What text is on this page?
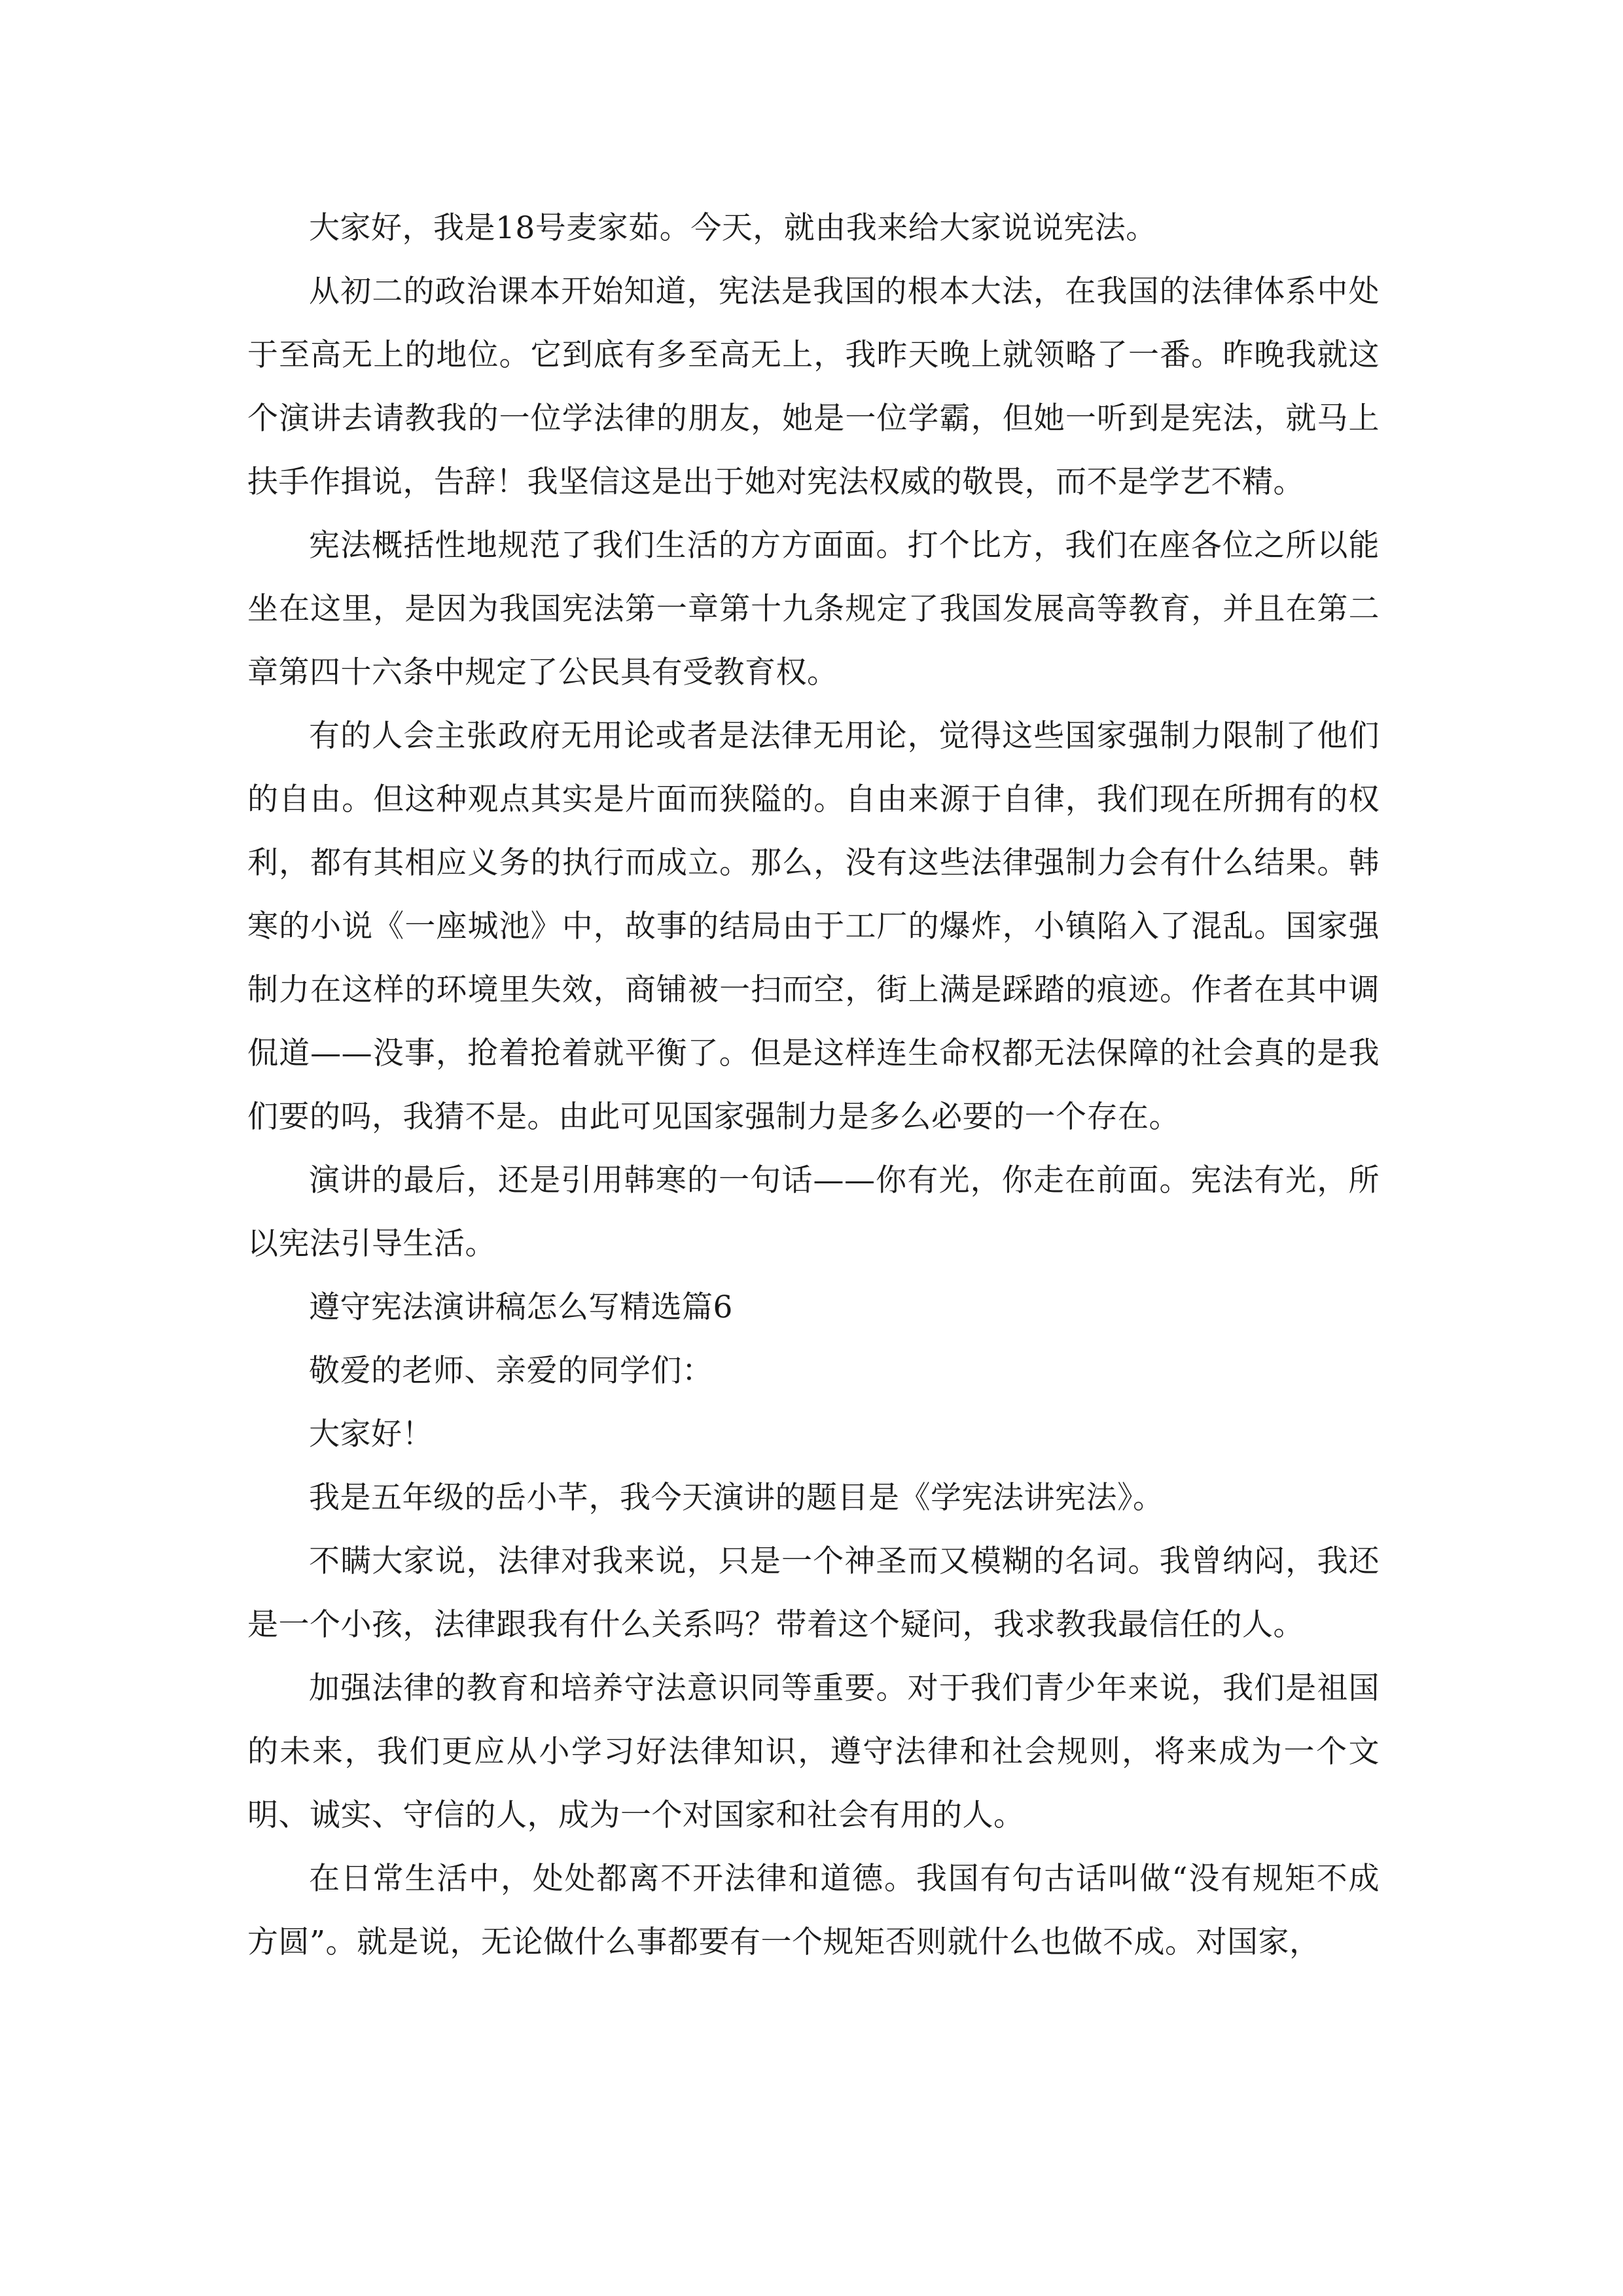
大家好，我是18号麦家茹。今天，就由我来给大家说说宪法。

从初二的政治课本开始知道，宪法是我国的根本大法，在我国的法律体系中处于至高无上的地位。它到底有多至高无上，我昨天晚上就领略了一番。昨晚我就这个演讲去请教我的一位学法律的朋友，她是一位学霸，但她一听到是宪法，就马上扶手作揖说，告辞！我坚信这是出于她对宪法权威的敬畏，而不是学艺不精。

宪法概括性地规范了我们生活的方方面面。打个比方，我们在座各位之所以能坐在这里，是因为我国宪法第一章第十九条规定了我国发展高等教育，并且在第二章第四十六条中规定了公民具有受教育权。

有的人会主张政府无用论或者是法律无用论，觉得这些国家强制力限制了他们的自由。但这种观点其实是片面而狭隘的。自由来源于自律，我们现在所拥有的权利，都有其相应义务的执行而成立。那么，没有这些法律强制力会有什么结果。韩寒的小说《一座城池》中，故事的结局由于工厂的爆炸，小镇陷入了混乱。国家强制力在这样的环境里失效，商铺被一扫而空，街上满是踩踏的痕迹。作者在其中调侃道——没事，抢着抢着就平衡了。但是这样连生命权都无法保障的社会真的是我们要的吗，我猜不是。由此可见国家强制力是多么必要的一个存在。

演讲的最后，还是引用韩寒的一句话——你有光，你走在前面。宪法有光，所以宪法引导生活。

遵守宪法演讲稿怎么写精选篇6

敬爱的老师、亲爱的同学们：

大家好！

我是五年级的岳小芊，我今天演讲的题目是《学宪法讲宪法》。

不瞒大家说，法律对我来说，只是一个神圣而又模糊的名词。我曾纳闷，我还是一个小孩，法律跟我有什么关系吗？带着这个疑问，我求教我最信任的人。

加强法律的教育和培养守法意识同等重要。对于我们青少年来说，我们是祖国的未来，我们更应从小学习好法律知识，遵守法律和社会规则，将来成为一个文明、诚实、守信的人，成为一个对国家和社会有用的人。

在日常生活中，处处都离不开法律和道德。我国有句古话叫做“没有规矩不成方圆”。就是说，无论做什么事都要有一个规矩否则就什么也做不成。对国家，
